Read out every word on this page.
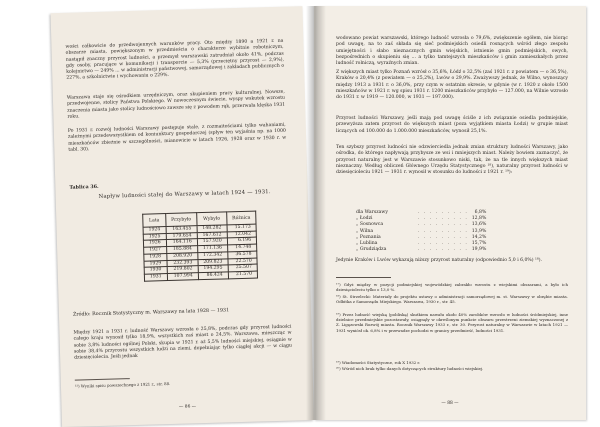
wości całkowicie do przedwojennych warunków pracy. Oto między 1890 a 1921 r. na obszarze miasta, powiększonym w przedmieścia o charakterze wybitnie robotniczym, nastąpił znaczny przyrost ludności, a przemysł warszawski zatrudniał około 41%, podczas gdy osoby, pracujące w komunikacji i transporcie — 5,3% (przeciętny przyrost — 2,9%), kolejnictwo — 249% ... w administracji państwowej, samorządowej i zakładach publicznych o 227%, a szkolnictwie i wychowaniu o 229%.
Warszawa staje się ośrodkiem urzędniczym, oraz skupieniem pracy kulturalnej. Nowsze, przedwojenne, stolicy Państwa Polskiego. W nowoczesnym świecie, wyspy wskutek wzrostu znaczenia miasta jako stolicy ludnościowo zawsze się z powodem rąk, przerwała klęska 1931 roku.
Po 1931 r. rozwój ludności Warszawy postępuje stale, z rozmaitościami tylko wahaniami, zależnymi przedewszystkiem od koniunktury gospodarczej (spływ ten wyjaśnia np. na 1000 mieszkańców zbieżnie w szczególności, mianowicie w latach 1926, 1928 oraz w 1930 r. w tabl. 30).
Tablica 36.
Napływ ludności stałej do Warszawy w latach 1924 — 1931.
Lata	Przybyło	Wybyło	Różnica
1924	163.455	148.282	15.173
1925	179.654	167.612	12.042
1926	164.116	157.920	6.196
1927	185.884	171.136	14.748
1928	208.920	172.342	36.578
1929	232.393	209.823	22.570
1930	219.802	194.295	25.507
1931	107.994	86.424	21.570
Źródło: Rocznik Statystyczny m. Warszawy na lata 1928 — 1931
Między 1921 a 1931 r. ludność Warszawy wzrosła o 25,8%, podczas gdy przyrost ludności całego kraju wynosił tylko 18,9%, wszystkich zaś miast o 24,5%. Warszawa, mieszcząc w sobie 3,8% ludności ogólnej Polski, skupia w 1921 r. aż 5,5% ludności miejskiej, osiągnie w sobie 38,4% przyrostu wszystkich ludzi na ziemi, dopełniając tylko ciągłej akcji — w ciągu dziesięciolecia. Jeśli jednak
¹⁵) Wyniki spisu powszechnego z 1921 r., str. 88.
— 86 —
wodowano powiat warszawski, którego ludność wzrosła o 79,6%, zwiększenie ogółem, nie biorąc pod uwagę, na to zaś składa się sieć podmiejskich osiedli rosnących wśród złego zespołu umiejętności i słabo nieznacznych gmin wiejskich, istnienie gmin podmiejskich, owych, bezpośrednich o skupieniu się ... a tylko tamtejszych mieszkańców i gmin zamieszkałych przez ludność rolniczą, wyraźnych zmian.
Z większych miast tylko Poznań wzrósł o 35,6%, Łódź o 32,5% (zaś 1921 r. z powiatem — o 36,5%), Kraków o 20,4% (z powiatem — o 25,2%), Lwów o 29,9%. Zważywszy jednak, że Wilno, wynoszący między 1913 a 1931 r. o 36,0%, przy czym w ostatnim okresie, w gdynie (w r. 1920 z około 1500 mieszkańców w 1921 r. wg spisu 1931 r. 1200 mieszkańców przybyło — 127.000, na Wilnie wzrosło do 1931 r. w 1919 — 120.000, w 1931 — 197.000).
Przyrost ludności Warszawy, jeśli mają pod uwagę ściśle z ich związanie osiedla podmiejskie, przewyższa zatem przyrost do większych miast (poza wyjątkiem miasta Łodzi) w grupie miast liczących od 100.000 do 1.000.000 mieszkańców, wynosił 25,1%.
Ten szybszy przyrost ludności nie odzwierciedla jednak zmian struktury ludności Warszawy, jako ośrodka, do którego napływają przybysze ze wsi i mniejszych miast. Należy bowiem zaznaczyć, że przyrost naturalny jest w Warszawie stosunkowo niski, tak, że na tle innych większych miast nieznaczny. Według obliczeń Głównego Urzędu Statystycznego ¹⁸), naturalny przyrost ludności w dziesięcioleciu 1921 — 1931 r. wynosił w stosunku do ludności z 1921 r. ¹⁹):
dla Warszawy	. . . . . . . . .	6,8%
„ Łodzi	. . . . . . . . . 12,8%
„ Sosnowca	. . . . . . . . . 13,6%
„ Wilna	. . . . . . . . . 13,9%
„ Poznania	. . . . . . . . . 14,2%
„ Lublina	. . . . . . . . . 15,7%
„ Grudziądza	. . . . . . . . . 19,9%
Jedynie Kraków i Lwów wykazują niższy przyrost naturalny (odpowiednio 5,0 i 6,0%) ¹⁸).
¹⁷) Gdyż między w pozycji podmiejskiej wojewódzkiej zabrakło wzrostu z wiejskimi obszarami, a było ich dziesięcioleciu tylko o 13,0 %.
¹⁸) St. Strzelecki: Materiały do projektu ustawy o administracji samorządowej m. st. Warszawy w obrębie miasta. Odbitka z Samorządu Miejskiego. Warszawa, 1930 r., str. 45.
¹⁹) Przez ludność wiejską (pobliską) skutkiem nawału około 40% zarobków wzrosło w ludności śródmiejskiej, inne dzielnice przedmiejskie pozostawały, osiągnęły w określonym punkcie obszaru przestrzeni ziemskiej wyznaczonej z Z. Ligęzowski Rozwój miasta. Rocznik Warszawy 1933 r., str. 30. Przyrost naturalny w Warszawie w latach 1921 — 1931 wyniósł ok. 6,8% i w przewadze pochodzi w granicy przedmieść, ludności 1931.
¹⁹) Wiadomości Statystyczne, rok X 1932 r.
²⁰) Wśród nich brak tylko danych dotyczących struktury ludności wiejskiej.
— 88 —
